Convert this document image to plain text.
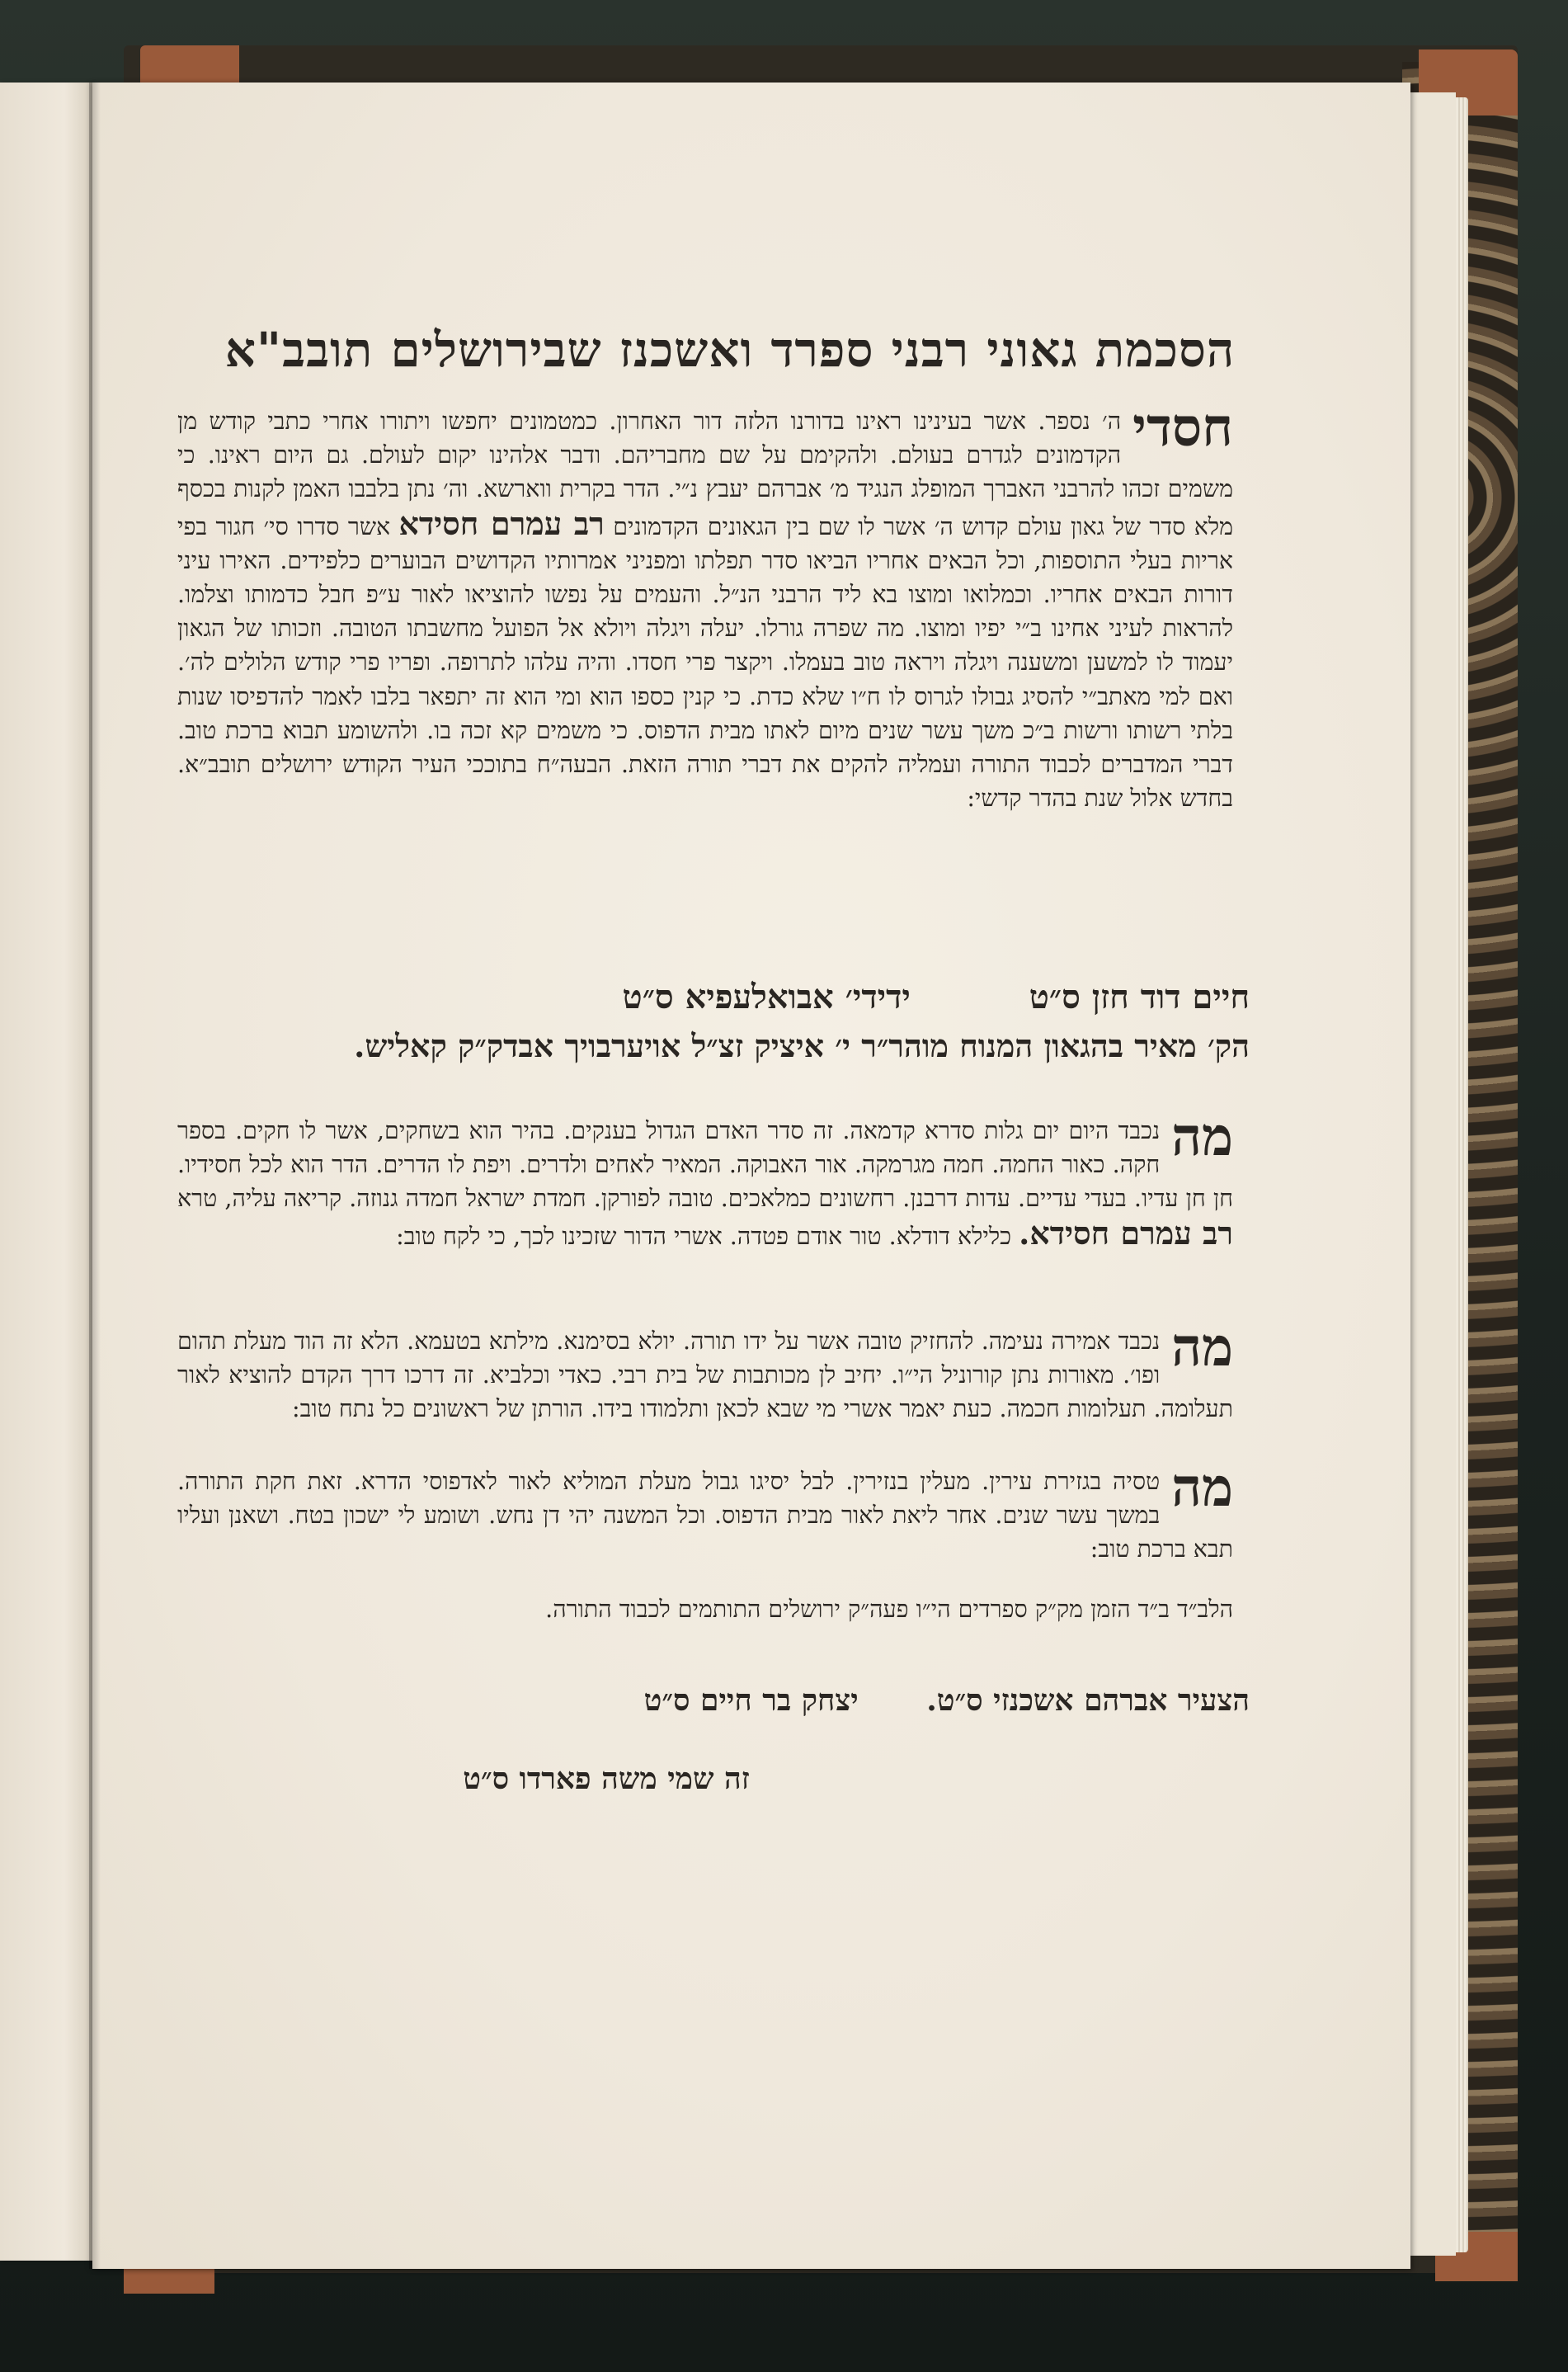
הסכמת גאוני רבני ספרד ואשכנז שבירושלים תובב"א
חסדי
ה׳ נספר. אשר בעינינו ראינו בדורנו הלזה דור האחרון. כמטמונים יחפשו ויתורו אחרי כתבי קודש מן הקדמונים לגדרם בעולם. ולהקימם על שם מחבריהם. ודבר אלהינו יקום לעולם. גם היום ראינו. כי משמים זכהו להרבני האברך המופלג הנגיד מ׳ אברהם יעבץ נ״י. הדר בקרית ווארשא. וה׳ נתן בלבבו האמן לקנות בכסף מלא סדר של גאון עולם קדוש ה׳ אשר לו שם בין הגאונים הקדמונים רב עמרם חסידא אשר סדרו סי׳ חגור בפי אריות בעלי התוספות, וכל הבאים אחריו הביאו סדר תפלתו ומפניני אמרותיו הקדושים הבוערים כלפידים. האירו עיני דורות הבאים אחריו. וכמלואו ומוצו בא ליד הרבני הנ״ל. והעמים על נפשו להוציאו לאור ע״פ חבל כדמותו וצלמו. להראות לעיני אחינו ב״י יפיו ומוצו. מה שפרה גורלו. יעלה ויגלה ויולא אל הפועל מחשבתו הטובה. וזכותו של הגאון יעמוד לו למשען ומשענה ויגלה ויראה טוב בעמלו. ויקצר פרי חסדו. והיה עלהו לתרופה. ופריו פרי קודש הלולים לה׳. ואם למי מאתב״י להסיג גבולו לגרוס לו ח״ו שלא כדת. כי קנין כספו הוא ומי הוא זה יתפאר בלבו לאמר להדפיסו שנות בלתי רשותו ורשות ב״כ משך עשר שנים מיום לאתו מבית הדפוס. כי משמים קא זכה בו. ולהשומע תבוא ברכת טוב. דברי המדברים לכבוד התורה ועמליה להקים את דברי תורה הזאת. הבעה״ח בתוככי העיר הקודש ירושלים תובב״א. בחדש אלול שנת בהדר קדשי:
חיים דוד חזן ס״ט ידידי׳ אבואלעפיא ס״ט
הק׳ מאיר בהגאון המנוח מוהר״ר י׳ איציק זצ״ל אויערבויך אבדק״ק קאליש.
מה
נכבד היום יום גלות סדרא קדמאה. זה סדר האדם הגדול בענקים. בהיר הוא בשחקים, אשר לו חקים. בספר חקה. כאור החמה. חמה מגרמקה. אור האבוקה. המאיר לאחים ולדרים. ויפת לו הדרים. הדר הוא לכל חסידיו. חן חן עדיו. בעדי עדיים. עדות דרבנן. רחשונים כמלאכים. טובה לפורקן. חמדת ישראל חמדה גנוזה. קריאה עליה, טרא רב עמרם חסידא. כלילא דודלא. טור אודם פטדה. אשרי הדור שזכינו לכך, כי לקח טוב:
מה
נכבד אמירה נעימה. להחזיק טובה אשר על ידו תורה. יולא בסימנא. מילתא בטעמא. הלא זה הוד מעלת תהום ופו׳. מאורות נתן קורוניל הי״ו. יחיב לן מכותבות של בית רבי. כאדי וכלביא. זה דרכו דרך הקדם להוציא לאור תעלומה. תעלומות חכמה. כעת יאמר אשרי מי שבא לכאן ותלמודו בידו. הורתן של ראשונים כל נתח טוב:
מה
טסיה בגזירת עירין. מעלין בנזירין. לבל יסיגו גבול מעלת המוליא לאור לאדפוסי הדרא. זאת חקת התורה. במשך עשר שנים. אחר ליאת לאור מבית הדפוס. וכל המשנה יהי דן נחש. ושומע לי ישכון בטח. ושאנן ועליו תבא ברכת טוב:
הלב״ד ב״ד הזמן מק״ק ספרדים הי״ו פעה״ק ירושלים התותמים לכבוד התורה.
הצעיר אברהם אשכנזי ס״ט. יצחק בר חיים ס״ט
זה שמי משה פארדו ס״ט
